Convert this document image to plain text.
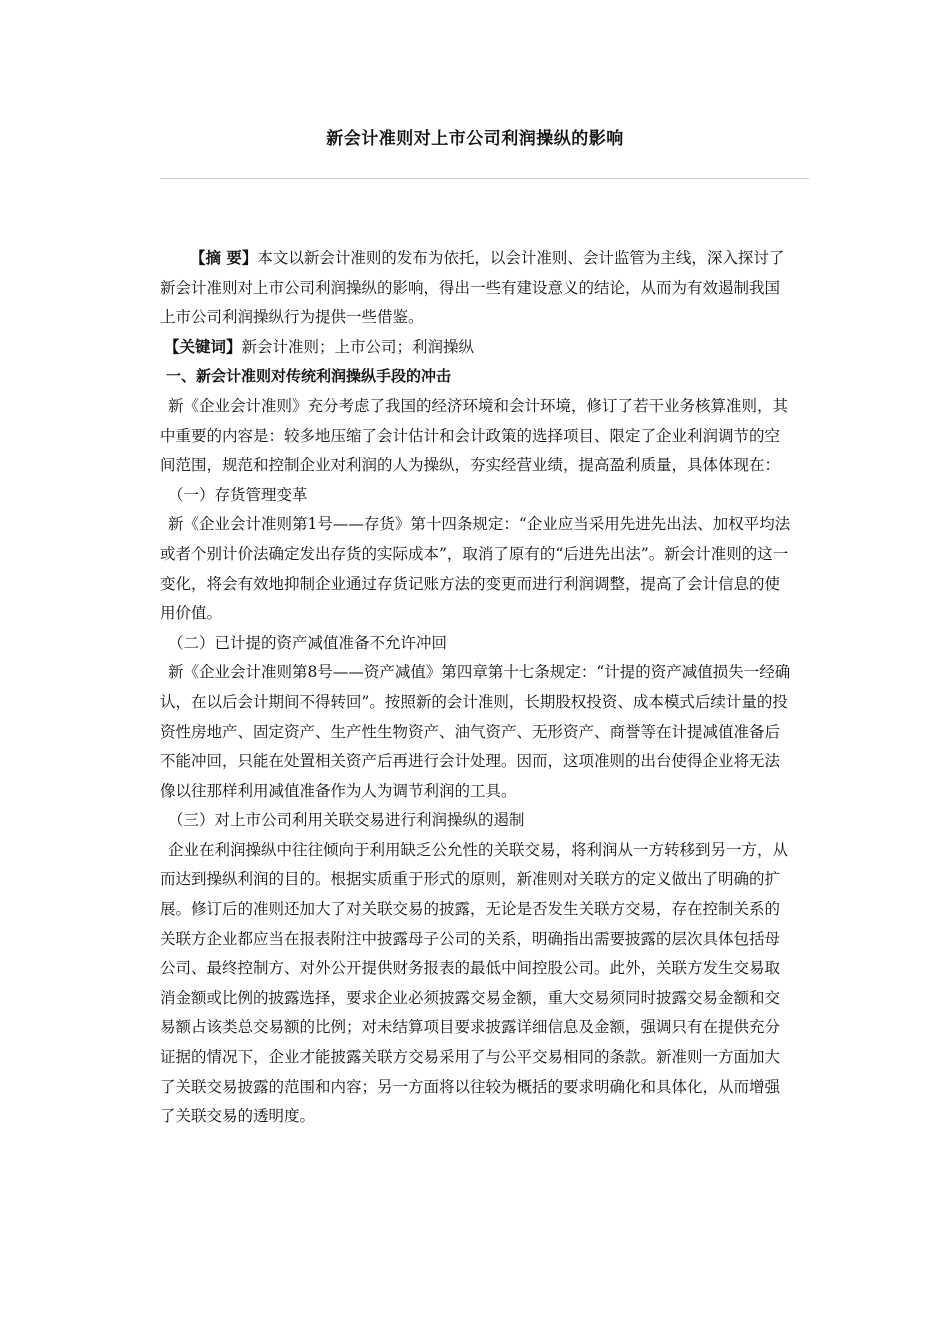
新会计准则对上市公司利润操纵的影响

【摘 要】本文以新会计准则的发布为依托，以会计准则、会计监管为主线，深入探讨了新会计准则对上市公司利润操纵的影响，得出一些有建设意义的结论，从而为有效遏制我国上市公司利润操纵行为提供一些借鉴。

【关键词】新会计准则；上市公司；利润操纵

一、新会计准则对传统利润操纵手段的冲击

新《企业会计准则》充分考虑了我国的经济环境和会计环境，修订了若干业务核算准则，其中重要的内容是：较多地压缩了会计估计和会计政策的选择项目、限定了企业利润调节的空间范围，规范和控制企业对利润的人为操纵，夯实经营业绩，提高盈利质量，具体体现在：

（一）存货管理变革

新《企业会计准则第1号——存货》第十四条规定：“企业应当采用先进先出法、加权平均法或者个别计价法确定发出存货的实际成本”，取消了原有的“后进先出法”。新会计准则的这一变化，将会有效地抑制企业通过存货记账方法的变更而进行利润调整，提高了会计信息的使用价值。

（二）已计提的资产减值准备不允许冲回

新《企业会计准则第8号——资产减值》第四章第十七条规定：“计提的资产减值损失一经确认，在以后会计期间不得转回”。按照新的会计准则，长期股权投资、成本模式后续计量的投资性房地产、固定资产、生产性生物资产、油气资产、无形资产、商誉等在计提减值准备后不能冲回，只能在处置相关资产后再进行会计处理。因而，这项准则的出台使得企业将无法像以往那样利用减值准备作为人为调节利润的工具。

（三）对上市公司利用关联交易进行利润操纵的遏制

企业在利润操纵中往往倾向于利用缺乏公允性的关联交易，将利润从一方转移到另一方，从而达到操纵利润的目的。根据实质重于形式的原则，新准则对关联方的定义做出了明确的扩展。修订后的准则还加大了对关联交易的披露，无论是否发生关联方交易，存在控制关系的关联方企业都应当在报表附注中披露母子公司的关系，明确指出需要披露的层次具体包括母公司、最终控制方、对外公开提供财务报表的最低中间控股公司。此外，关联方发生交易取消金额或比例的披露选择，要求企业必须披露交易金额，重大交易须同时披露交易金额和交易额占该类总交易额的比例；对未结算项目要求披露详细信息及金额，强调只有在提供充分证据的情况下，企业才能披露关联方交易采用了与公平交易相同的条款。新准则一方面加大了关联交易披露的范围和内容；另一方面将以往较为概括的要求明确化和具体化，从而增强了关联交易的透明度。
